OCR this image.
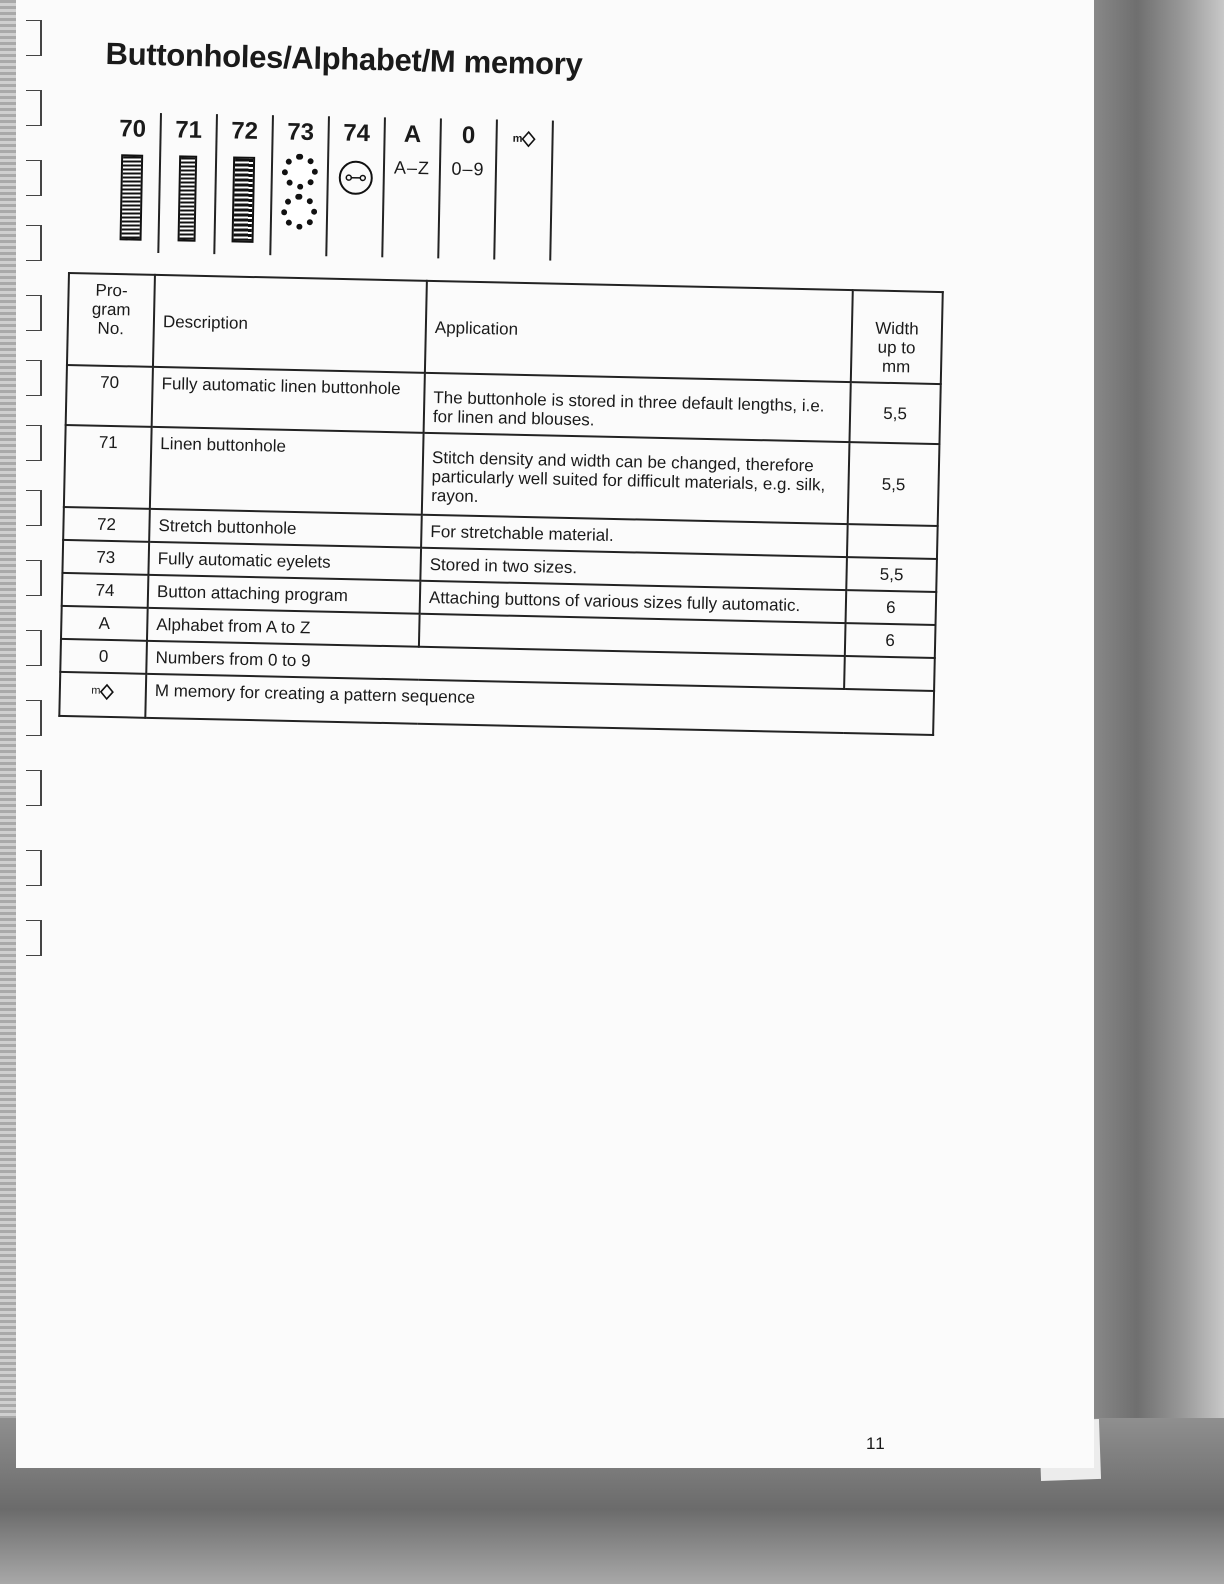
Buttonholes/Alphabet/M memory
70 71 72 73 74 A
A–Z
0
0–9
m
Pro-
gram
No.	Description	Application	Width
up to
mm
70	Fully automatic linen buttonhole	The buttonhole is stored in three default lengths, i.e. for linen and blouses.	5,5
71	Linen buttonhole	Stitch density and width can be changed, therefore particularly well suited for difficult materials, e.g. silk, rayon.	5,5
72	Stretch buttonhole	For stretchable material.	
73	Fully automatic eyelets	Stored in two sizes.	5,5
74	Button attaching program	Attaching buttons of various sizes fully automatic.	6
A	Alphabet from A to Z		6
0	Numbers from 0 to 9		

m	M memory for creating a pattern sequence		
11
